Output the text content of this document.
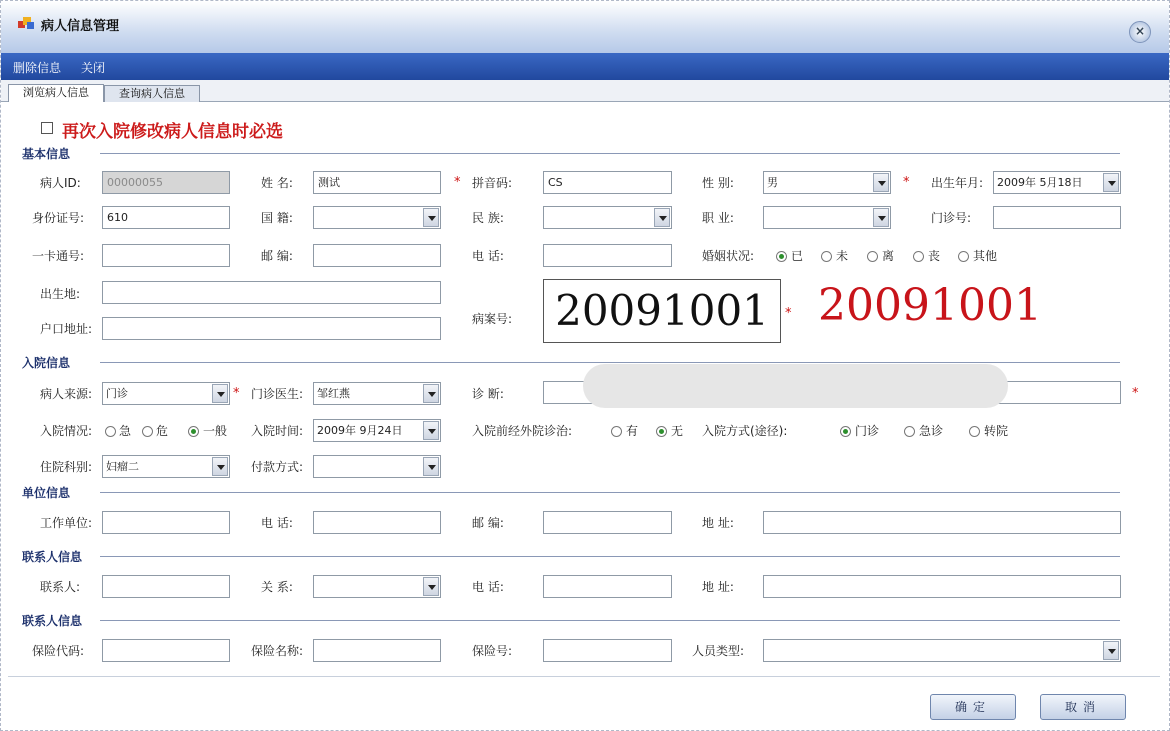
病人信息管理	×
删除信息 关闭
浏览病人信息	查询病人信息
再次入院修改病人信息时必选
基本信息
病人ID:	00000055	姓 名:	测试	* 拼音码:	CS	性 别:	男	* 出生年月: 2009年 5月18日
身份证号:	610	国 籍:	民 族:	职 业:	门诊号:
一卡通号:	邮 编:	电 话:	婚姻状况:	已	未	离	丧	其他
出生地:
户口地址:
病案号: 20091001	* 20091001
入院信息
病人来源: 门诊	* 门诊医生: 邹红燕	诊 断:	*
入院情况: 急 危	一般 入院时间: 2009年 9月24日	入院前经外院诊治:	有	无 入院方式(途径):	门诊	急诊	转院
住院科别: 妇瘤二	付款方式:
单位信息
工作单位:	电 话:	邮 编:	地 址:
联系人信息
联系人:	关 系:	电 话:	地 址:
联系人信息
保险代码:	保险名称:	保险号:	人员类型:
确定	取消
